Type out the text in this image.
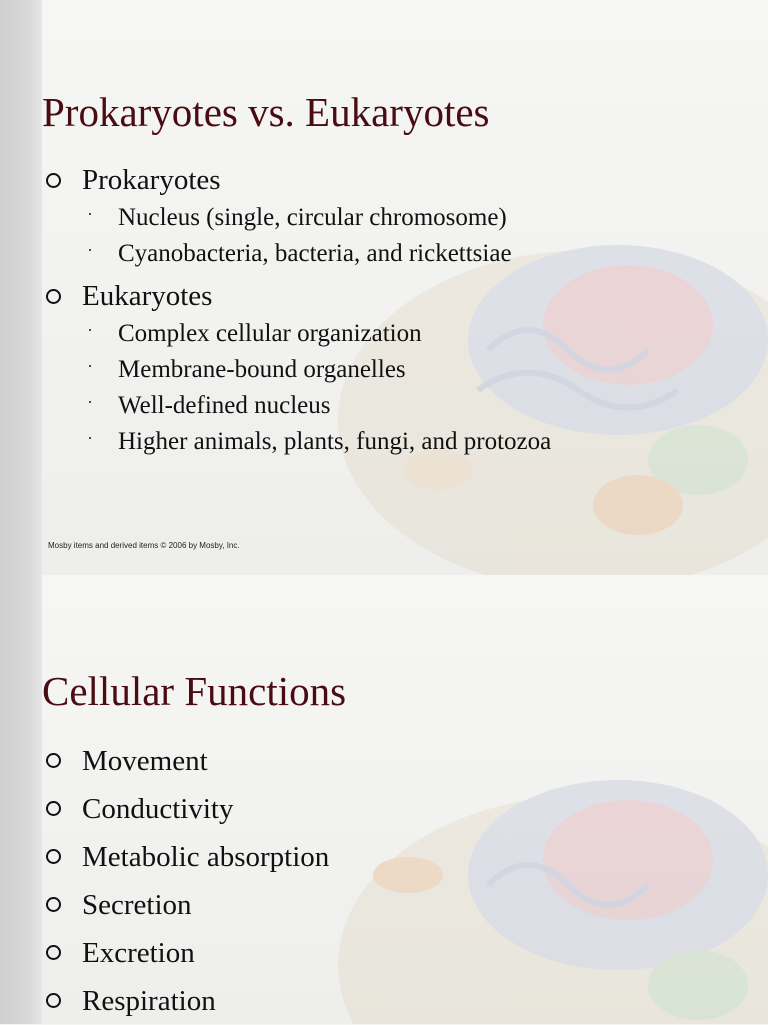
Prokaryotes vs. Eukaryotes
Prokaryotes
· Nucleus (single, circular chromosome)
· Cyanobacteria, bacteria, and rickettsiae
Eukaryotes
· Complex cellular organization
· Membrane-bound organelles
· Well-defined nucleus
· Higher animals, plants, fungi, and protozoa

Mosby items and derived items © 2006 by Mosby, Inc.

Cellular Functions
Movement
Conductivity
Metabolic absorption
Secretion
Excretion
Respiration
